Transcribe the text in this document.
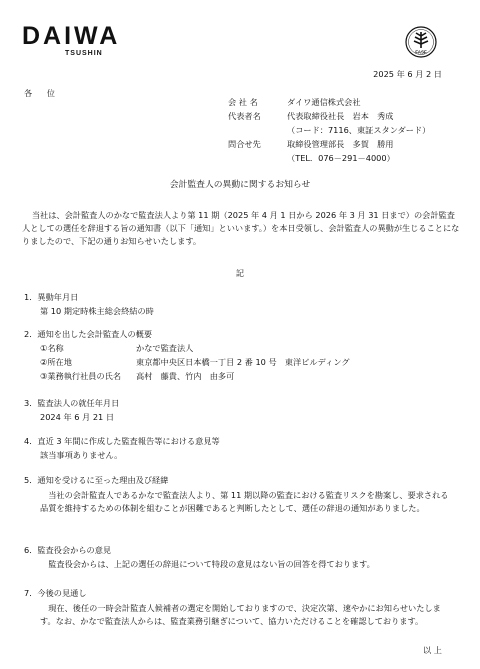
DAIWA
TSUSHIN	FASF
2025 年 6 月 2 日
各 位
会 社 名	ダイワ通信株式会社
代表者名	代表取締役社長　岩本　秀成
（コード：7116、東証スタンダード）
問合せ先	取締役管理部長　多賀　勝用
（TEL．076－291－4000）
会計監査人の異動に関するお知らせ
当社は、会計監査人のかなで監査法人より第 11 期（2025 年 4 月 1 日から 2026 年 3 月 31 日まで）の会計監査人としての選任を辞退する旨の通知書（以下「通知」といいます。）を本日受領し、会計監査人の異動が生じることになりましたので、下記の通りお知らせいたします。
記
1．異動年月日
第 10 期定時株主総会終結の時
2．通知を出した会計監査人の概要
①名称	かなで監査法人
②所在地	東京都中央区日本橋一丁目 2 番 10 号　東洋ビルディング
③業務執行社員の氏名 高村　藤貴、竹内　由多可
3．監査法人の就任年月日
2024 年 6 月 21 日
4．直近 3 年間に作成した監査報告等における意見等
該当事項ありません。
5．通知を受けるに至った理由及び経緯
当社の会計監査人であるかなで監査法人より、第 11 期以降の監査における監査リスクを勘案し、要求される品質を維持するための体制を組むことが困難であると判断したとして、選任の辞退の通知がありました。
6．監査役会からの意見
監査役会からは、上記の選任の辞退について特段の意見はない旨の回答を得ております。
7．今後の見通し
現在、後任の一時会計監査人候補者の選定を開始しておりますので、決定次第、速やかにお知らせいたします。なお、かなで監査法人からは、監査業務引継ぎについて、協力いただけることを確認しております。
以 上
